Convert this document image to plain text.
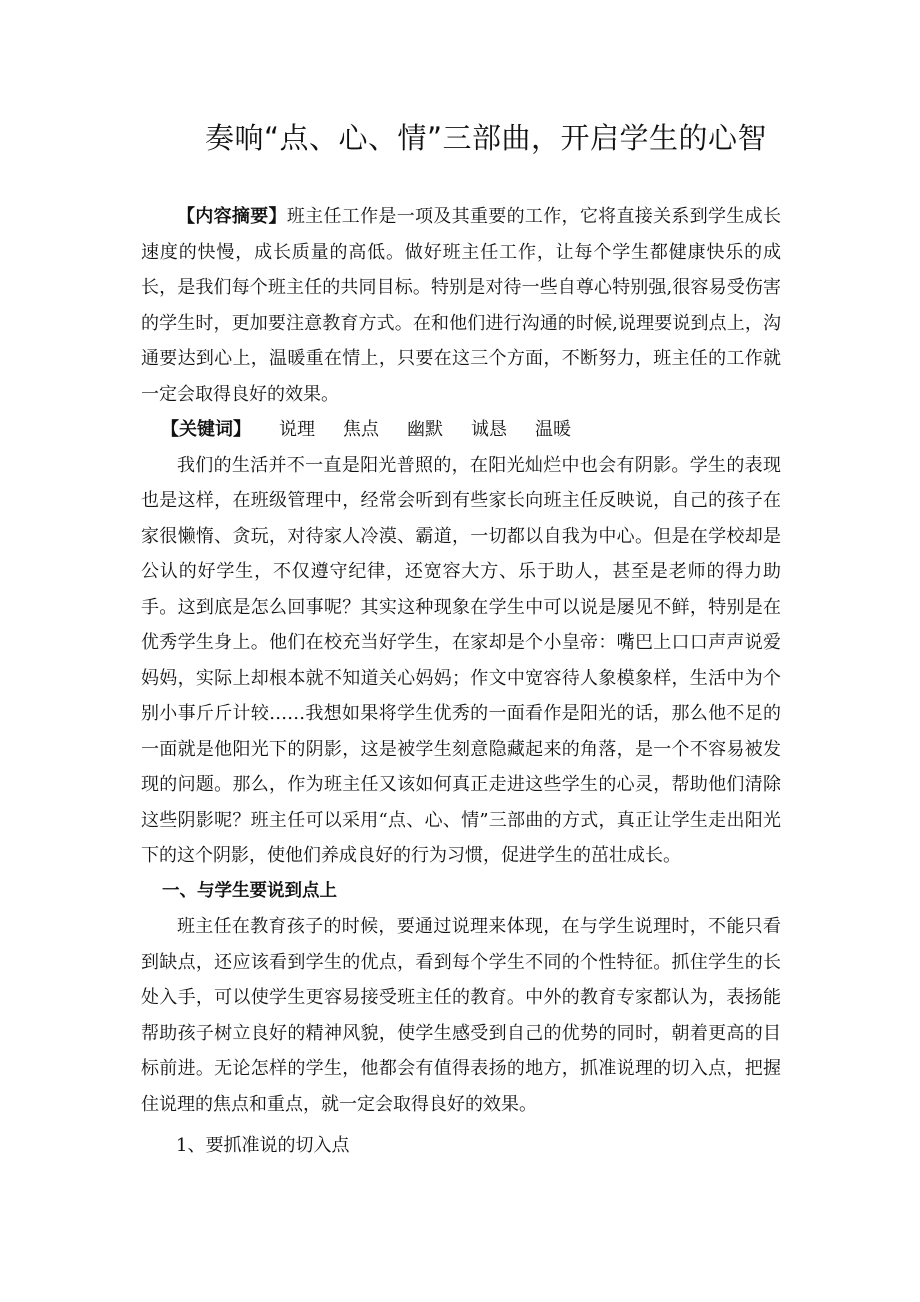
奏响“点、心、情”三部曲，开启学生的心智

【内容摘要】班主任工作是一项及其重要的工作，它将直接关系到学生成长速度的快慢，成长质量的高低。做好班主任工作，让每个学生都健康快乐的成长，是我们每个班主任的共同目标。特别是对待一些自尊心特别强,很容易受伤害的学生时，更加要注意教育方式。在和他们进行沟通的时候,说理要说到点上，沟通要达到心上，温暖重在情上，只要在这三个方面，不断努力，班主任的工作就一定会取得良好的效果。

【关键词】 说理 焦点 幽默 诚恳 温暖

我们的生活并不一直是阳光普照的，在阳光灿烂中也会有阴影。学生的表现也是这样，在班级管理中，经常会听到有些家长向班主任反映说，自己的孩子在家很懒惰、贪玩，对待家人冷漠、霸道，一切都以自我为中心。但是在学校却是公认的好学生，不仅遵守纪律，还宽容大方、乐于助人，甚至是老师的得力助手。这到底是怎么回事呢？其实这种现象在学生中可以说是屡见不鲜，特别是在优秀学生身上。他们在校充当好学生，在家却是个小皇帝：嘴巴上口口声声说爱妈妈，实际上却根本就不知道关心妈妈；作文中宽容待人象模象样，生活中为个别小事斤斤计较……我想如果将学生优秀的一面看作是阳光的话，那么他不足的一面就是他阳光下的阴影，这是被学生刻意隐藏起来的角落，是一个不容易被发现的问题。那么，作为班主任又该如何真正走进这些学生的心灵，帮助他们清除这些阴影呢？班主任可以采用“点、心、情”三部曲的方式，真正让学生走出阳光下的这个阴影，使他们养成良好的行为习惯，促进学生的茁壮成长。

一、与学生要说到点上

班主任在教育孩子的时候，要通过说理来体现，在与学生说理时，不能只看到缺点，还应该看到学生的优点，看到每个学生不同的个性特征。抓住学生的长处入手，可以使学生更容易接受班主任的教育。中外的教育专家都认为，表扬能帮助孩子树立良好的精神风貌，使学生感受到自己的优势的同时，朝着更高的目标前进。无论怎样的学生，他都会有值得表扬的地方，抓准说理的切入点，把握住说理的焦点和重点，就一定会取得良好的效果。

1、要抓准说的切入点
